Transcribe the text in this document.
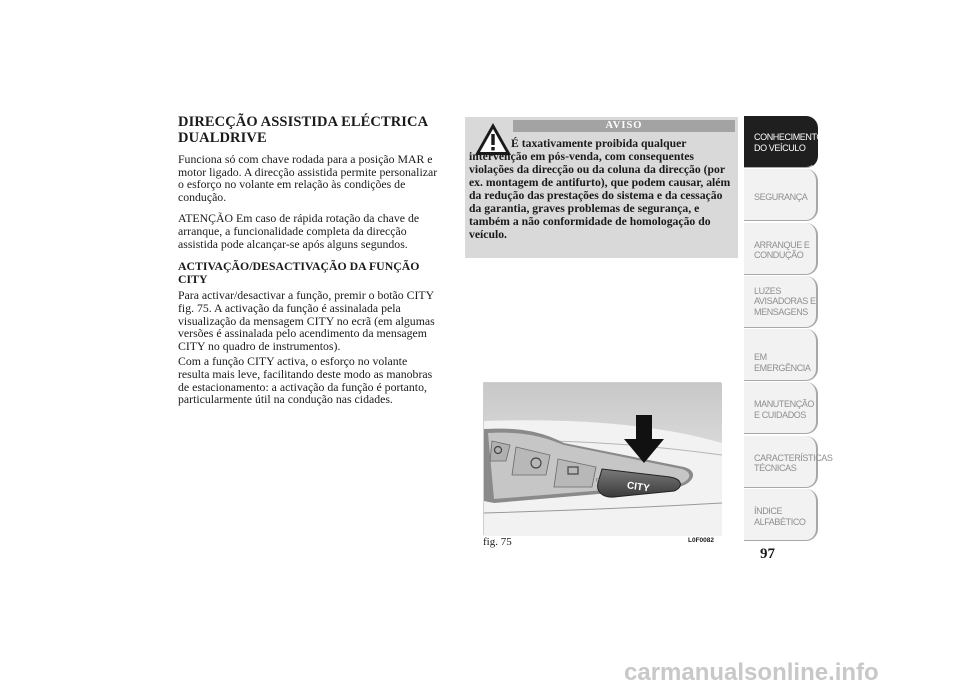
DIRECÇÃO ASSISTIDA ELÉCTRICA DUALDRIVE

Funciona só com chave rodada para a posição MAR e motor ligado. A direcção assistida permite personalizar o esforço no volante em relação às condições de condução.

ATENÇÃO Em caso de rápida rotação da chave de arranque, a funcionalidade completa da direcção assistida pode alcançar-se após alguns segundos.

ACTIVAÇÃO/DESACTIVAÇÃO DA FUNÇÃO CITY

Para activar/desactivar a função, premir o botão CITY fig. 75. A activação da função é assinalada pela visualização da mensagem CITY no ecrã (em algumas versões é assinalada pelo acendimento da mensagem CITY no quadro de instrumentos).

Com a função CITY activa, o esforço no volante resulta mais leve, facilitando deste modo as manobras de estacionamento: a activação da função é portanto, particularmente útil na condução nas cidades.

AVISO
É taxativamente proibida qualquer intervenção em pós-venda, com consequentes violações da direcção ou da coluna da direcção (por ex. montagem de antifurto), que podem causar, além da redução das prestações do sistema e da cessação da garantia, graves problemas de segurança, e também a não conformidade de homologação do veículo.
CITY
O
fig. 75	L0F0082
CONHECIMENTO DO VEÍCULO
SEGURANÇA
ARRANQUE E CONDUÇÃO
LUZES AVISADORAS E MENSAGENS
EM EMERGÊNCIA
MANUTENÇÃO E CUIDADOS
CARACTERÍSTICAS TÉCNICAS
ÍNDICE ALFABÉTICO
97
carmanualsonline.info
